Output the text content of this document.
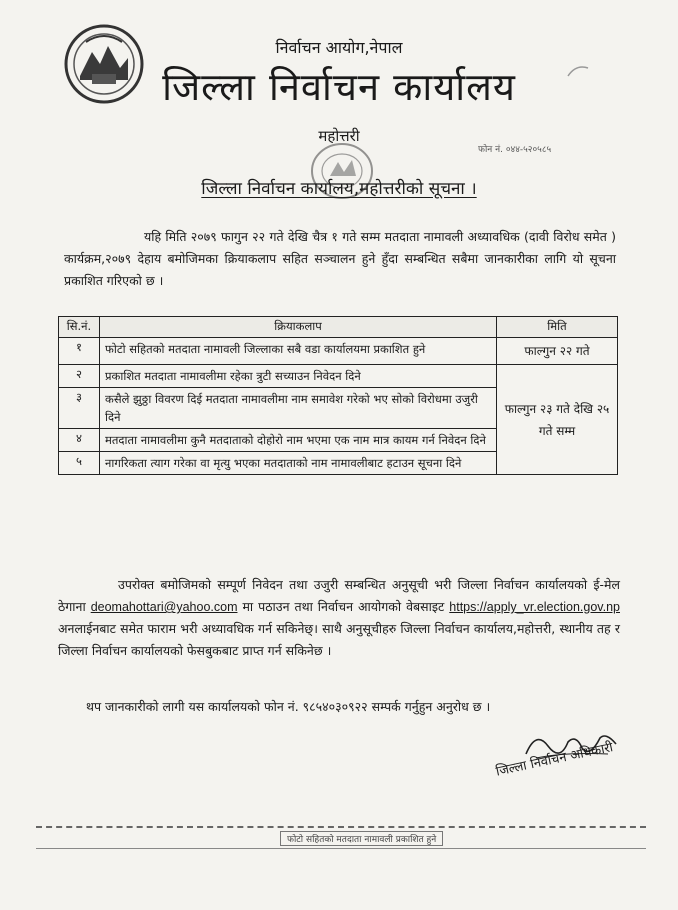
निर्वाचन आयोग,नेपाल
जिल्ला निर्वाचन कार्यालय
महोत्तरी
फोन नं. ०४४-५२०५८५
जिल्ला निर्वाचन कार्यालय,महोत्तरीको सूचना ।
यहि मिति २०७९ फागुन २२ गते देखि चैत्र १ गते सम्म मतदाता नामावली अध्यावधिक (दावी विरोध समेत ) कार्यक्रम,२०७९ देहाय बमोजिमका क्रियाकलाप सहित सञ्चालन हुने हुँदा सम्बन्धित सबैमा जानकारीका लागि यो सूचना प्रकाशित गरिएको छ ।
सि.नं.	क्रियाकलाप	मिति
१	फोटो सहितको मतदाता नामावली जिल्लाका सबै वडा कार्यालयमा प्रकाशित हुने	फाल्गुन २२ गते
२	प्रकाशित मतदाता नामावलीमा रहेका त्रुटी सच्याउन निवेदन दिने	फाल्गुन २३ गते देखि २५ गते सम्म
३	कसैले झुठ्ठा विवरण दिई मतदाता नामावलीमा नाम समावेश गरेको भए सोको विरोधमा उजुरी दिने	
४	मतदाता नामावलीमा कुनै मतदाताको दोहोरो नाम भएमा एक नाम मात्र कायम गर्न निवेदन दिने	
५	नागरिकता त्याग गरेका वा मृत्यु भएका मतदाताको नाम नामावलीबाट हटाउन सूचना दिने	
उपरोक्त बमोजिमको सम्पूर्ण निवेदन तथा उजुरी सम्बन्धित अनुसूची भरी जिल्ला निर्वाचन कार्यालयको ई-मेल ठेगाना deomahottari@yahoo.com मा पठाउन तथा निर्वाचन आयोगको वेबसाइट https://apply_vr.election.gov.np अनलाईनबाट समेत फाराम भरी अध्यावधिक गर्न सकिनेछ्। साथै अनुसूचीहरु जिल्ला निर्वाचन कार्यालय,महोत्तरी, स्थानीय तह र जिल्ला निर्वाचन कार्यालयको फेसबुकबाट प्राप्त गर्न सकिनेछ ।
थप जानकारीको लागी यस कार्यालयको फोन नं. ९८५४०३०९२२ सम्पर्क गर्नुहुन अनुरोध छ ।
जिल्ला निर्वाचन अधिकारी
फोटो सहितको मतदाता नामावली प्रकाशित हुने
